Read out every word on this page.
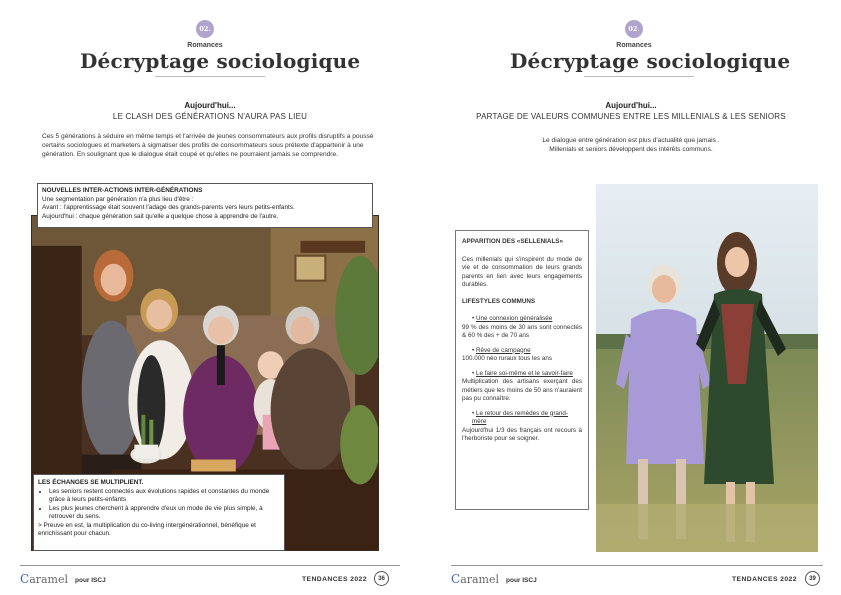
02.
Romances
Décryptage sociologique
Aujourd'hui...
LE CLASH DES GÉNÉRATIONS N'AURA PAS LIEU
Ces 5 générations à séduire en même temps et l'arrivée de jeunes consommateurs aux profils disruptifs a poussé certains sociologues et marketers à sigmatiser des profils de consommateurs sous prétexte d'appartenir à une génération. En soulignant que le dialogue était coupé et qu'elles ne pourraient jamais se comprendre.
NOUVELLES INTER-ACTIONS INTER-GÉNÉRATIONS
Une segmentation par génération n'a plus lieu d'être :
Avant : l'apprentissage était souvent l'adage des grands-parents vers leurs petits-enfants.
Aujourd'hui : chaque génération sait qu'elle a quelque chose à apprendre de l'autre.
LES ÉCHANGES SE MULTIPLIENT.
• Les seniors restent connectés aux évolutions rapides et constantes du monde grâce à leurs petits-enfants
• Les plus jeunes cherchent à apprendre d'eux un mode de vie plus simple, à retrouver du sens.
> Preuve en est, la multiplication du co-living intergénérationnel, bénéfique et enrichissant pour chacun.
Caramel pour ISCJ	TENDANCES 2022	36
02.
Romances
Décryptage sociologique
Aujourd'hui...
PARTAGE DE VALEURS COMMUNES ENTRE LES MILLENIALS & LES SENIORS
Le dialogue entre génération est plus d'actualité que jamais .
Millenials et seniors développent des intérêts communs.
APPARITION DES «SELLENIALS»
Ces millenials qui s'inspirent du mode de vie et de consommation de leurs grands parents en lien avec leurs engagements durables.
LIFESTYLES COMMUNS
• Une connexion généralisée
99 % des moins de 30 ans sont connectés & 60 % des + de 70 ans
• Rêve de campagne
100.000 néo ruraux tous les ans
• Le faire soi-même et le savoir-faire
Multiplication des artisans exerçant des métiers que les moins de 50 ans n'auraient pas pu connaître.
• Le retour des remèdes de grand-mère
Aujourd'hui 1/3 des français ont recours à l'herboriste pour se soigner.
Caramel pour ISCJ	TENDANCES 2022	39
